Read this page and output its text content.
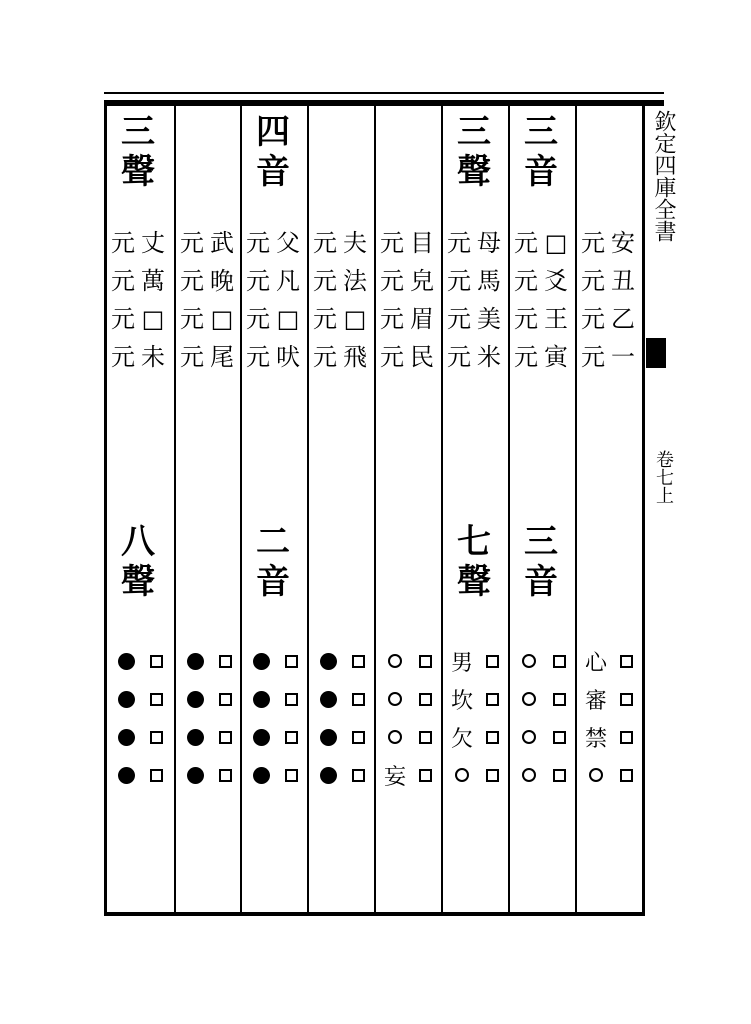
欽定四庫全書
卷七上
三
聲
丈
萬
□
未
元
元
元
元
八
聲
武
晚
□
尾
元
元
元
元
四
音
父
凡
□
吠
元
元
元
元
二
音
夫
法
□
飛
元
元
元
元
目
皃
眉
民
元
元
元
元
妄
三
聲
母
馬
美
米
元
元
元
元
七
聲
男
坎
欠
三
音
□
爻
王
寅
元
元
元
元
三
音
安
丑
乙
一
元
元
元
元
心
審
禁
